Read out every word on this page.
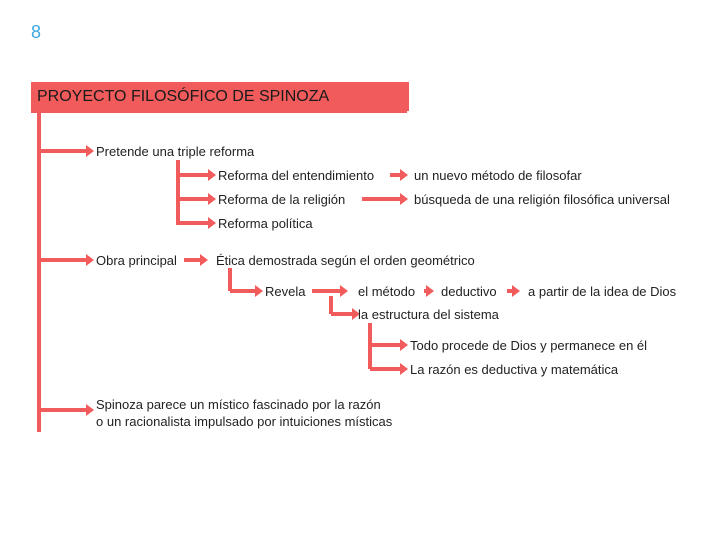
8
PROYECTO FILOSÓFICO DE SPINOZA
Pretende una triple reforma
Reforma del entendimiento	un nuevo método de filosofar
Reforma de la religión	búsqueda de una religión filosófica universal
Reforma política
Obra principal	Ética demostrada según el orden geométrico
Revela	el método deductivo a partir de la idea de Dios
la estructura del sistema
Todo procede de Dios y permanece en él
La razón es deductiva y matemática
Spinoza parece un místico fascinado por la razón
o un racionalista impulsado por intuiciones místicas
